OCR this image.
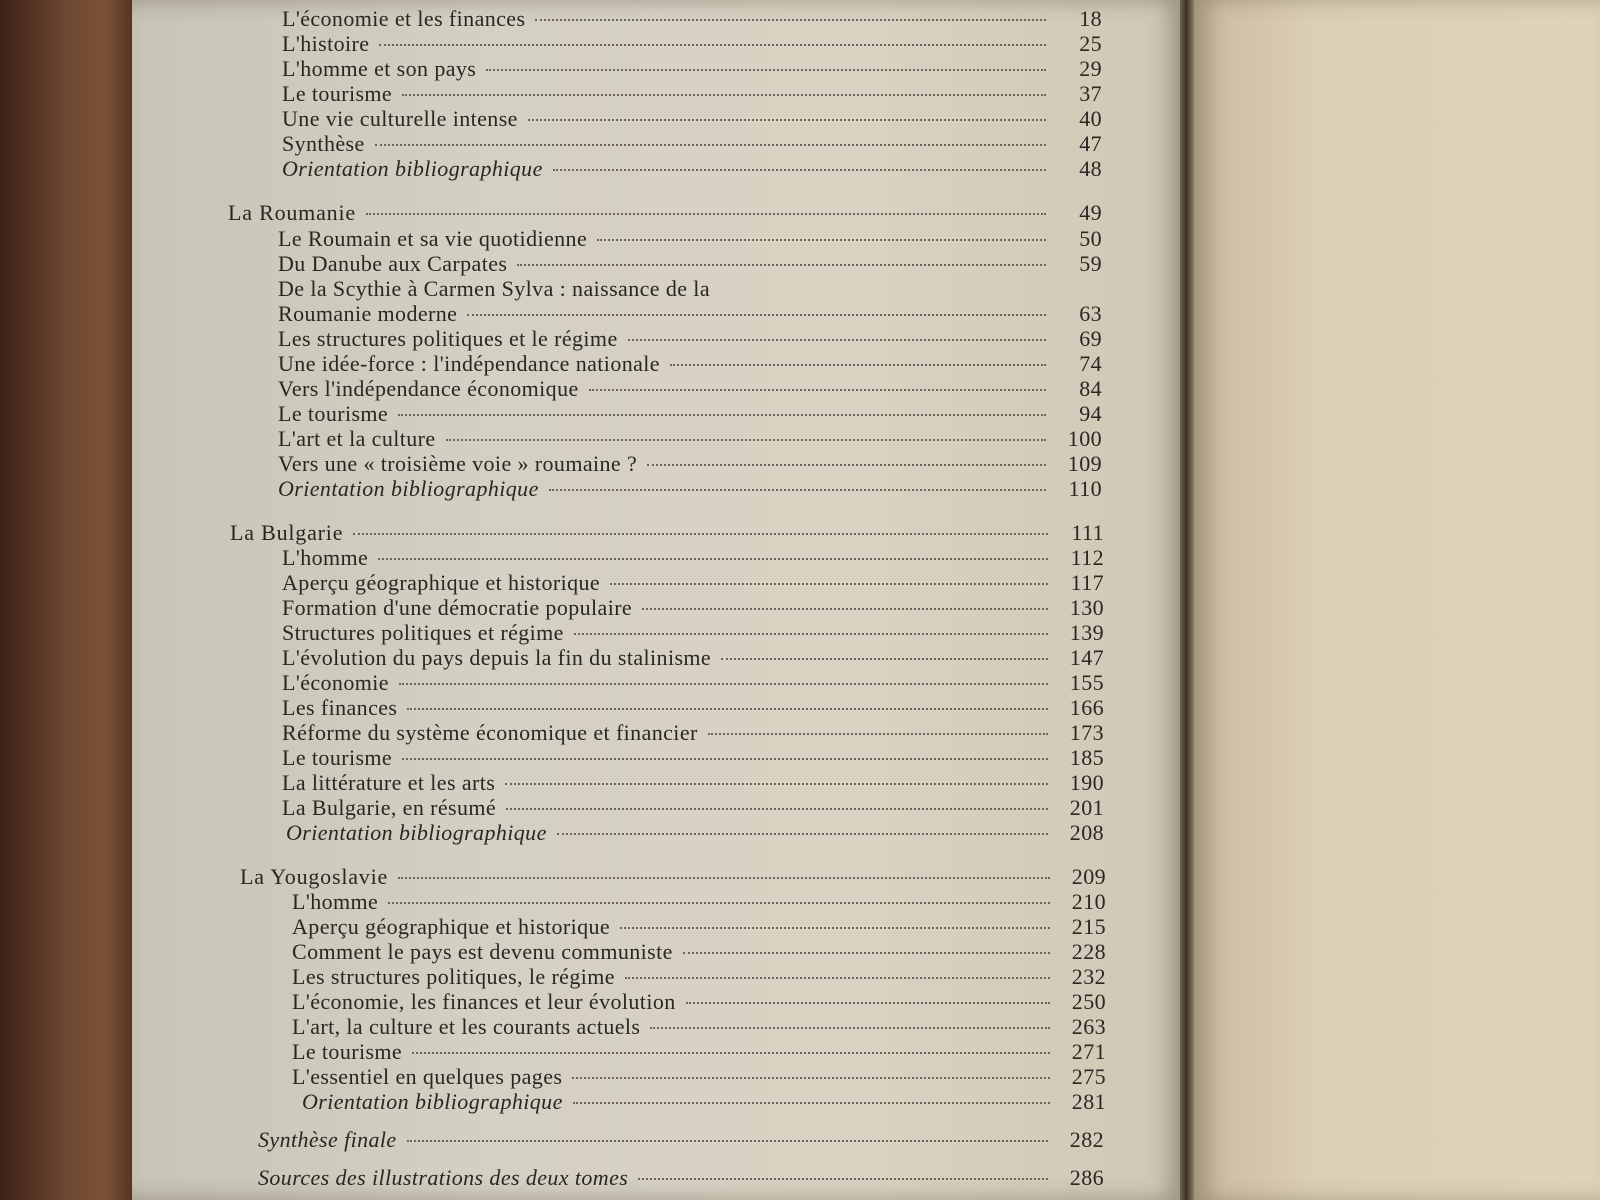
L'économie et les finances	18
L'histoire	25
L'homme et son pays	29
Le tourisme	37
Une vie culturelle intense	40
Synthèse	47
Orientation bibliographique	48
La Roumanie	49
Le Roumain et sa vie quotidienne	50
Du Danube aux Carpates	59
De la Scythie à Carmen Sylva : naissance de la
Roumanie moderne	63
Les structures politiques et le régime	69
Une idée-force : l'indépendance nationale	74
Vers l'indépendance économique	84
Le tourisme	94
L'art et la culture	100
Vers une « troisième voie » roumaine ?	109
Orientation bibliographique	110
La Bulgarie	111
L'homme	112
Aperçu géographique et historique	117
Formation d'une démocratie populaire	130
Structures politiques et régime	139
L'évolution du pays depuis la fin du stalinisme	147
L'économie	155
Les finances	166
Réforme du système économique et financier	173
Le tourisme	185
La littérature et les arts	190
La Bulgarie, en résumé	201
Orientation bibliographique	208
La Yougoslavie	209
L'homme	210
Aperçu géographique et historique	215
Comment le pays est devenu communiste	228
Les structures politiques, le régime	232
L'économie, les finances et leur évolution	250
L'art, la culture et les courants actuels	263
Le tourisme	271
L'essentiel en quelques pages	275
Orientation bibliographique	281
Synthèse finale	282
Sources des illustrations des deux tomes	286
